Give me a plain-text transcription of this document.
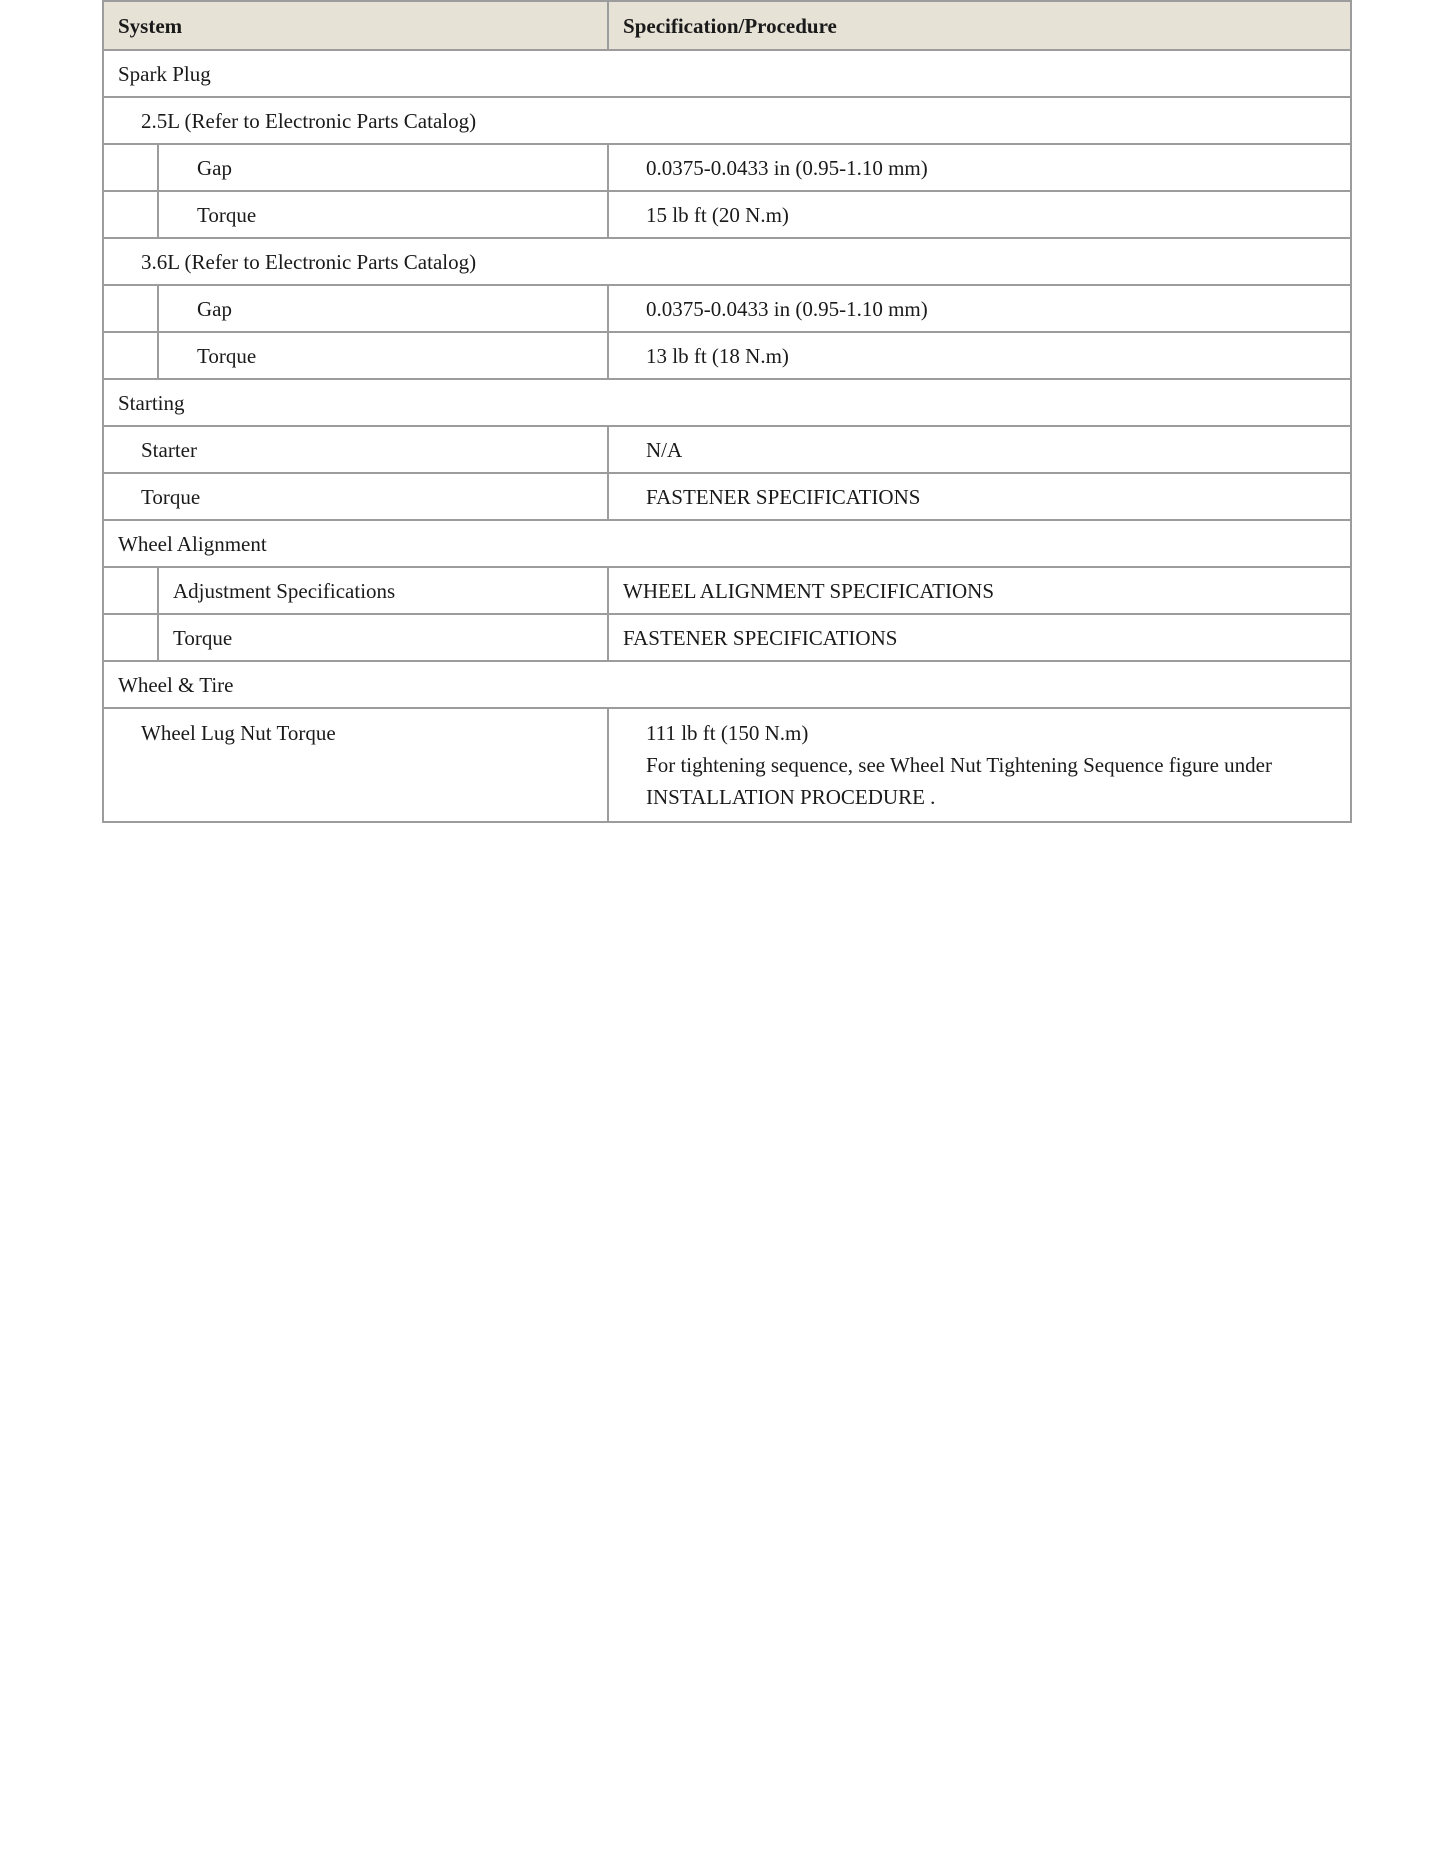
System		Specification/Procedure
Spark Plug		
2.5L (Refer to Electronic Parts Catalog)		
	Gap	0.0375-0.0433 in (0.95-1.10 mm)
	Torque	15 lb ft (20 N.m)
3.6L (Refer to Electronic Parts Catalog)		
	Gap	0.0375-0.0433 in (0.95-1.10 mm)
	Torque	13 lb ft (18 N.m)
Starting		
Starter		N/A
Torque		FASTENER SPECIFICATIONS
Wheel Alignment		
	Adjustment Specifications	WHEEL ALIGNMENT SPECIFICATIONS
	Torque	FASTENER SPECIFICATIONS
Wheel & Tire		
Wheel Lug Nut Torque		111 lb ft (150 N.m)
For tightening sequence, see Wheel Nut Tightening Sequence figure under
INSTALLATION PROCEDURE .
